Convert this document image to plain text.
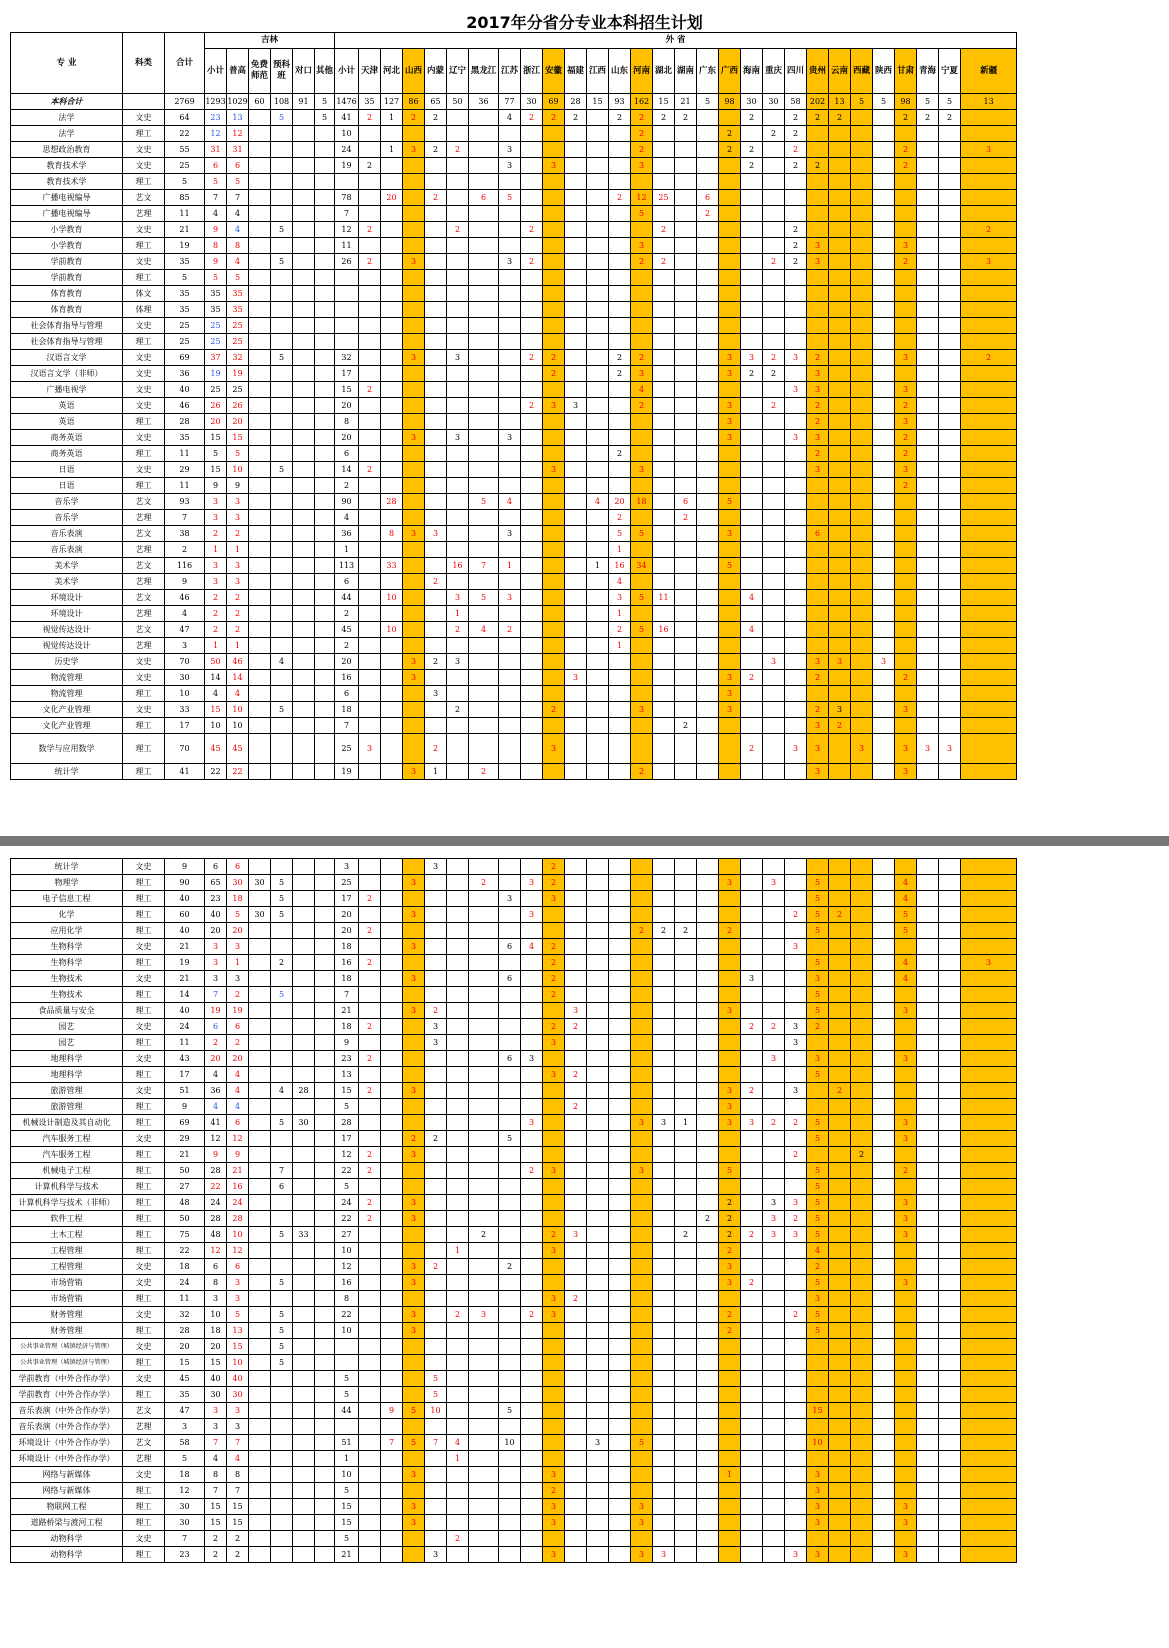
2017年分省分专业本科招生计划
专 业	科类	合计	吉林						外 省	
			小计	普高	免费师范	预科班	对口	其他	小计	天津	河北	山西	内蒙	辽宁	黑龙江	江苏	浙江	安徽	福建	江西	山东	河南	湖北	湖南	广东	广西	海南	重庆	四川	贵州	云南	西藏	陕西	甘肃	青海	宁夏	新疆	
本科合计		2769	1293	1029	60	108	91	5	1476	35	127	86	65	50	36	77	30	69	28	15	93	162	15	21	5	98	30	30	58	202	13	5	5	98	5	5	13	
法学	文史	64	23	13		5		5	41	2	1	2	2			4	2	2	2		2	2	2	2			2		2	2	2			2	2	2		
法学	理工	22	12	12					10													2				2		2	2									
思想政治教育	文史	55	31	31					24		1	3	2	2		3						2				2	2		2					2			3	
教育技术学	文史	25	6	6					19	2						3		3				3					2		2	2				2				
教育技术学	理工	5	5	5																																		
广播电视编导	艺文	85	7	7					78		20		2		6	5					2	12	25		6													
广播电视编导	艺理	11	4	4					7													5			2													
小学教育	文史	21	9	4		5			12	2				2			2						2						2								2	
小学教育	理工	19	8	8					11													3							2	3				3				
学前教育	文史	35	9	4		5			26	2		3				3	2					2	2					2	2	3				2			3	
学前教育	理工	5	5	5																																		
体育教育	体文	35	35	35																																		
体育教育	体理	35	35	35																																		
社会体育指导与管理	文史	25	25	25																																		
社会体育指导与管理	理工	25	25	25																																		
汉语言文学	文史	69	37	32		5			32			3		3			2	2			2	2				3	3	2	3	2				3			2	
汉语言文学（非师）	文史	36	19	19					17									2			2	3				3	2	2		3								
广播电视学	文史	40	25	25					15	2												4							3	3				3				
英语	文史	46	26	26					20								2	3	3			2				3		2		2				2				
英语	理工	28	20	20					8																	3				2				3				
商务英语	文史	35	15	15					20			3		3		3										3			3	3				2				
商务英语	理工	11	5	5					6												2									2				2				
日语	文史	29	15	10		5			14	2								3				3								3				3				
日语	理工	11	9	9					2																									2				
音乐学	艺文	93	3	3					90		28				5	4				4	20	18		6		5												
音乐学	艺理	7	3	3					4												2			2														
音乐表演	艺文	38	2	2					36		8	3	3			3					5	5				3				6								
音乐表演	艺理	2	1	1					1												1																	
美术学	艺文	116	3	3					113		33			16	7	1				1	16	34				5												
美术学	艺理	9	3	3					6				2								4																	
环境设计	艺文	46	2	2					44		10			3	5	3					3	5	11				4												
环境设计	艺理	4	2	2					2					1							1																	
视觉传达设计	艺文	47	2	2					45		10			2	4	2					2	5	16				4												
视觉传达设计	艺理	3	1	1					2												1																	
历史学	文史	70	50	46		4			20			3	2	3														3		3	3		3					
物流管理	文史	30	14	14					16			3							3							3	2			2				2				
物流管理	理工	10	4	4					6				3													3												
文化产业管理	文史	33	15	10		5			18					2				2				3				3				2	3			3				
文化产业管理	理工	17	10	10					7															2						3	2							
数学与应用数学	理工	70	45	45					25	3			2					3									2		3	3		3		3	3	3		
统计学	理工	41	22	22					19			3	1		2							2								3				3				
统计学	文史	9	6	6					3				3					2																				
物理学	理工	90	65	30	30	5			25			3			2		3	2								3		3		5				4				
电子信息工程	理工	40	23	18		5			17	2						3		3												5				4				
化学	理工	60	40	5	30	5			20			3					3												2	5	2			5				
应用化学	理工	40	20	20					20	2												2	2	2		2				5				5				
生物科学	文史	21	3	3					18			3				6	4	2											3									
生物科学	理工	19	3	1		2			16	2								2												5				4			3	
生物技术	文史	21	3	3					18			3				6		2									3			3				4				
生物技术	理工	14	7	2		5			7									2												5								
食品质量与安全	理工	40	19	19					21			3	2						3							3				5				3				
园艺	文史	24	6	6					18	2			3					2	2								2	2	3	2								
园艺	理工	11	2	2					9				3					3											3									
地理科学	文史	43	20	20					23	2						6	3											3		3				3				
地理科学	理工	17	4	4					13									3	2											5								
旅游管理	文史	51	36	4		4	28		15	2		3														3	2		3		2							
旅游管理	理工	9	4	4					5										2							3												
机械设计制造及其自动化	理工	69	41	6		5	30		28								3					3	3	1		3	3	2	2	5				3				
汽车服务工程	文史	29	12	12					17			2	2			5														5				3				
汽车服务工程	理工	21	9	9					12	2		3																	2			2						
机械电子工程	理工	50	28	21		7			22	2							2	3				3				5				5				2				
计算机科学与技术	理工	27	22	16		6			5																					5								
计算机科学与技术（非师）	理工	48	24	24					24	2		3														2		3	3	5				3				
软件工程	理工	50	28	28					22	2		3													2	2		3	2	5				3				
土木工程	理工	75	48	10		5	33		27						2			2	3					2		2	2	3	3	5				3				
工程管理	理工	22	12	12					10					1				3								2				4								
工程管理	文史	18	6	6					12			3	2			2										3				2								
市场营销	文史	24	8	3		5			16			3														3	2			5				3				
市场营销	理工	11	3	3					8									3	2											3								
财务管理	文史	32	10	5		5			22			3		2	3		2	3								2			2	5								
财务管理	理工	28	18	13		5			10			3														2				5								
公共事业管理（城镇经济与管理）	文史	20	20	15		5																																
公共事业管理（城镇经济与管理）	理工	15	15	10		5																																
学前教育（中外合作办学）	文史	45	40	40					5				5																									
学前教育（中外合作办学）	理工	35	30	30					5				5																									
音乐表演（中外合作办学）	艺文	47	3	3					44		9	5	10			5														15								
音乐表演（中外合作办学）	艺理	3	3	3																																		
环境设计（中外合作办学）	艺文	58	7	7					51		7	5	7	4		10				3		5								10								
环境设计（中外合作办学）	艺理	5	4	4					1					1																								
网络与新媒体	文史	18	8	8					10			3						3								1				3								
网络与新媒体	理工	12	7	7					5									2												3								
物联网工程	理工	30	15	15					15			3						3				3								3				3				
道路桥梁与渡河工程	理工	30	15	15					15			3						3				3								3				3				
动物科学	文史	7	2	2					5					2																								
动物科学	理工	23	2	2					21				3					3				3	3						3	3				3				
